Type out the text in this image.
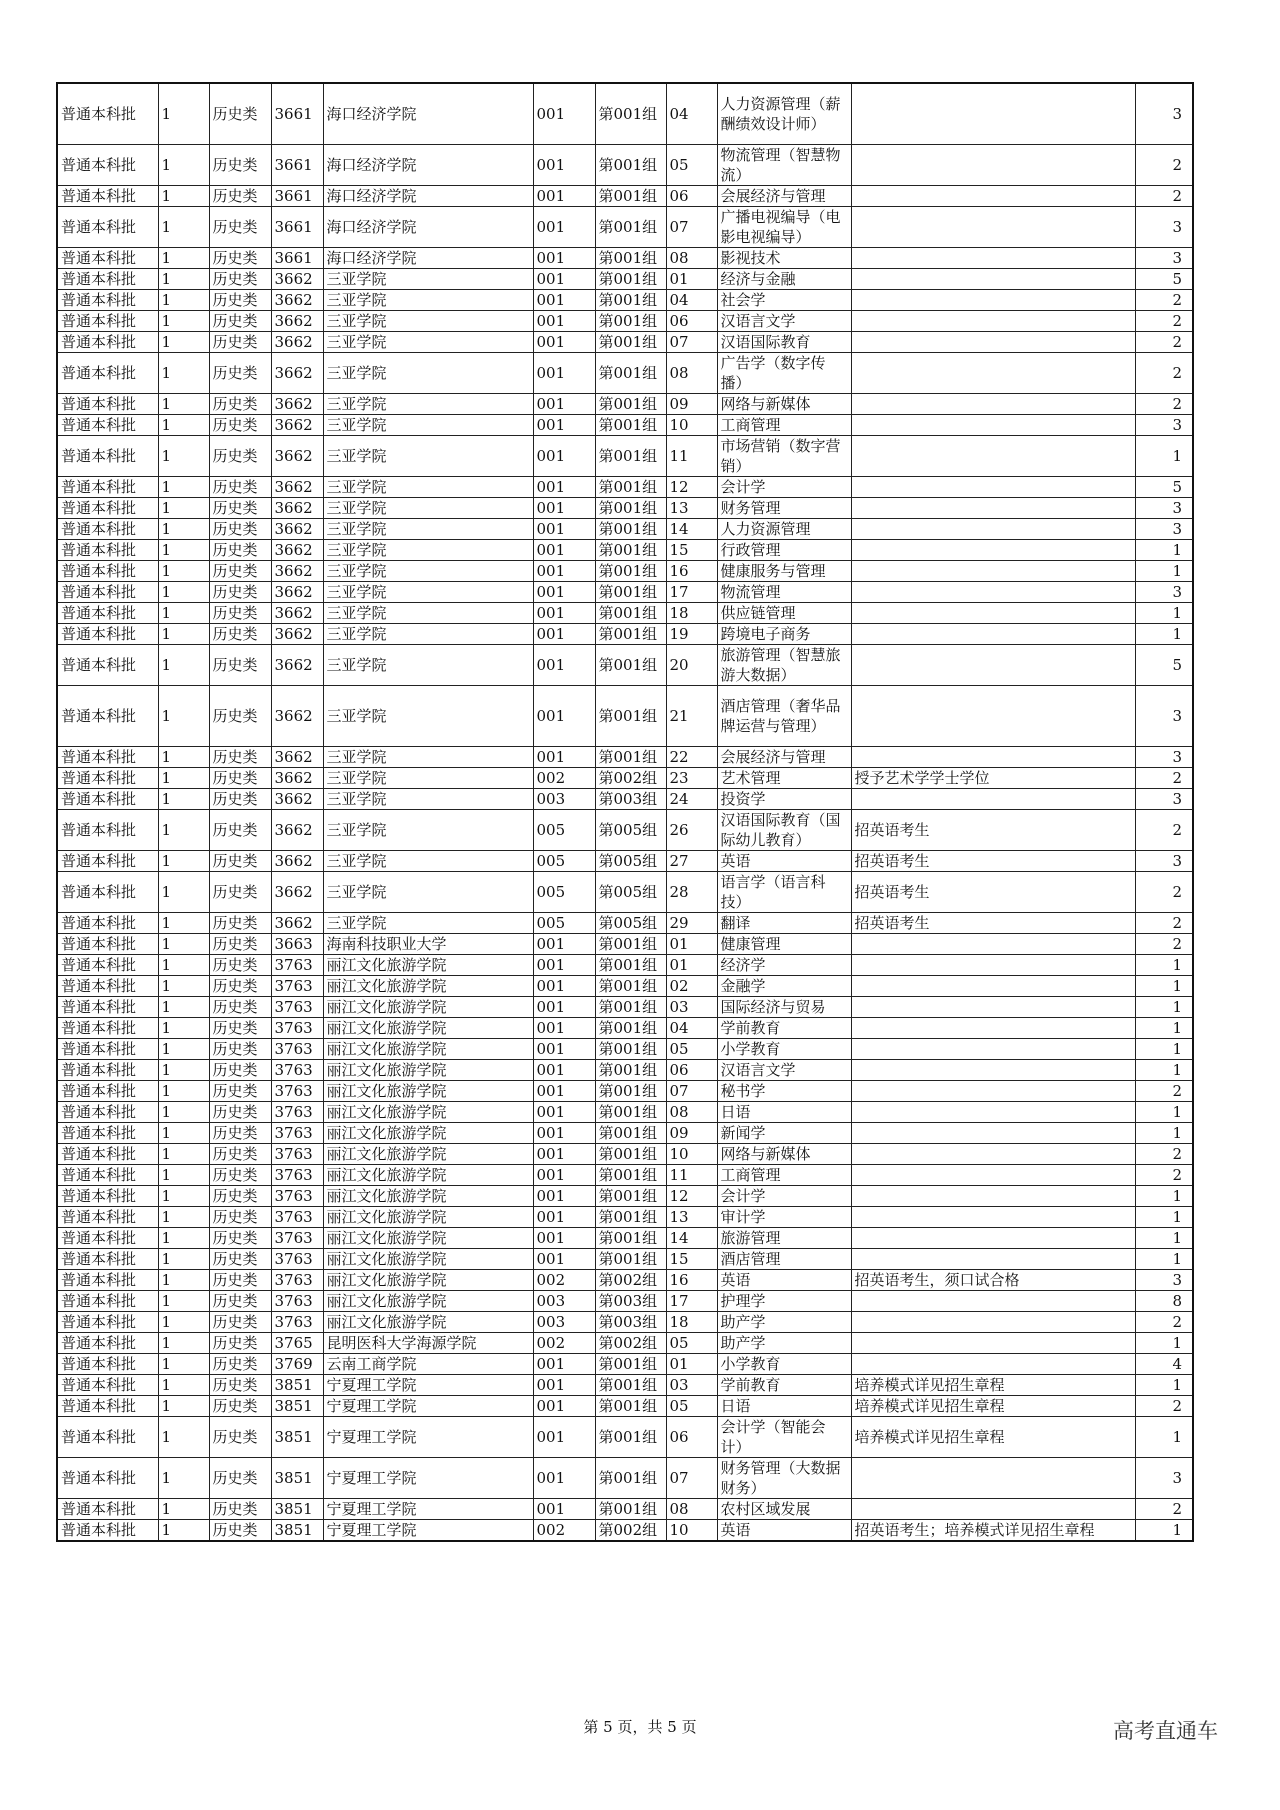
普通本科批	1	历史类	3661	海口经济学院	001	第001组	04	人力资源管理（薪酬绩效设计师）		3
普通本科批	1	历史类	3661	海口经济学院	001	第001组	05	物流管理（智慧物流）		2
普通本科批	1	历史类	3661	海口经济学院	001	第001组	06	会展经济与管理		2
普通本科批	1	历史类	3661	海口经济学院	001	第001组	07	广播电视编导（电影电视编导）		3
普通本科批	1	历史类	3661	海口经济学院	001	第001组	08	影视技术		3
普通本科批	1	历史类	3662	三亚学院	001	第001组	01	经济与金融		5
普通本科批	1	历史类	3662	三亚学院	001	第001组	04	社会学		2
普通本科批	1	历史类	3662	三亚学院	001	第001组	06	汉语言文学		2
普通本科批	1	历史类	3662	三亚学院	001	第001组	07	汉语国际教育		2
普通本科批	1	历史类	3662	三亚学院	001	第001组	08	广告学（数字传播）		2
普通本科批	1	历史类	3662	三亚学院	001	第001组	09	网络与新媒体		2
普通本科批	1	历史类	3662	三亚学院	001	第001组	10	工商管理		3
普通本科批	1	历史类	3662	三亚学院	001	第001组	11	市场营销（数字营销）		1
普通本科批	1	历史类	3662	三亚学院	001	第001组	12	会计学		5
普通本科批	1	历史类	3662	三亚学院	001	第001组	13	财务管理		3
普通本科批	1	历史类	3662	三亚学院	001	第001组	14	人力资源管理		3
普通本科批	1	历史类	3662	三亚学院	001	第001组	15	行政管理		1
普通本科批	1	历史类	3662	三亚学院	001	第001组	16	健康服务与管理		1
普通本科批	1	历史类	3662	三亚学院	001	第001组	17	物流管理		3
普通本科批	1	历史类	3662	三亚学院	001	第001组	18	供应链管理		1
普通本科批	1	历史类	3662	三亚学院	001	第001组	19	跨境电子商务		1
普通本科批	1	历史类	3662	三亚学院	001	第001组	20	旅游管理（智慧旅游大数据）		5
普通本科批	1	历史类	3662	三亚学院	001	第001组	21	酒店管理（奢华品牌运营与管理）		3
普通本科批	1	历史类	3662	三亚学院	001	第001组	22	会展经济与管理		3
普通本科批	1	历史类	3662	三亚学院	002	第002组	23	艺术管理	授予艺术学学士学位	2
普通本科批	1	历史类	3662	三亚学院	003	第003组	24	投资学		3
普通本科批	1	历史类	3662	三亚学院	005	第005组	26	汉语国际教育（国际幼儿教育）	招英语考生	2
普通本科批	1	历史类	3662	三亚学院	005	第005组	27	英语	招英语考生	3
普通本科批	1	历史类	3662	三亚学院	005	第005组	28	语言学（语言科技）	招英语考生	2
普通本科批	1	历史类	3662	三亚学院	005	第005组	29	翻译	招英语考生	2
普通本科批	1	历史类	3663	海南科技职业大学	001	第001组	01	健康管理		2
普通本科批	1	历史类	3763	丽江文化旅游学院	001	第001组	01	经济学		1
普通本科批	1	历史类	3763	丽江文化旅游学院	001	第001组	02	金融学		1
普通本科批	1	历史类	3763	丽江文化旅游学院	001	第001组	03	国际经济与贸易		1
普通本科批	1	历史类	3763	丽江文化旅游学院	001	第001组	04	学前教育		1
普通本科批	1	历史类	3763	丽江文化旅游学院	001	第001组	05	小学教育		1
普通本科批	1	历史类	3763	丽江文化旅游学院	001	第001组	06	汉语言文学		1
普通本科批	1	历史类	3763	丽江文化旅游学院	001	第001组	07	秘书学		2
普通本科批	1	历史类	3763	丽江文化旅游学院	001	第001组	08	日语		1
普通本科批	1	历史类	3763	丽江文化旅游学院	001	第001组	09	新闻学		1
普通本科批	1	历史类	3763	丽江文化旅游学院	001	第001组	10	网络与新媒体		2
普通本科批	1	历史类	3763	丽江文化旅游学院	001	第001组	11	工商管理		2
普通本科批	1	历史类	3763	丽江文化旅游学院	001	第001组	12	会计学		1
普通本科批	1	历史类	3763	丽江文化旅游学院	001	第001组	13	审计学		1
普通本科批	1	历史类	3763	丽江文化旅游学院	001	第001组	14	旅游管理		1
普通本科批	1	历史类	3763	丽江文化旅游学院	001	第001组	15	酒店管理		1
普通本科批	1	历史类	3763	丽江文化旅游学院	002	第002组	16	英语	招英语考生，须口试合格	3
普通本科批	1	历史类	3763	丽江文化旅游学院	003	第003组	17	护理学		8
普通本科批	1	历史类	3763	丽江文化旅游学院	003	第003组	18	助产学		2
普通本科批	1	历史类	3765	昆明医科大学海源学院	002	第002组	05	助产学		1
普通本科批	1	历史类	3769	云南工商学院	001	第001组	01	小学教育		4
普通本科批	1	历史类	3851	宁夏理工学院	001	第001组	03	学前教育	培养模式详见招生章程	1
普通本科批	1	历史类	3851	宁夏理工学院	001	第001组	05	日语	培养模式详见招生章程	2
普通本科批	1	历史类	3851	宁夏理工学院	001	第001组	06	会计学（智能会计）	培养模式详见招生章程	1
普通本科批	1	历史类	3851	宁夏理工学院	001	第001组	07	财务管理（大数据财务）		3
普通本科批	1	历史类	3851	宁夏理工学院	001	第001组	08	农村区域发展		2
普通本科批	1	历史类	3851	宁夏理工学院	002	第002组	10	英语	招英语考生；培养模式详见招生章程	1
第 5 页，共 5 页	高考直通车
